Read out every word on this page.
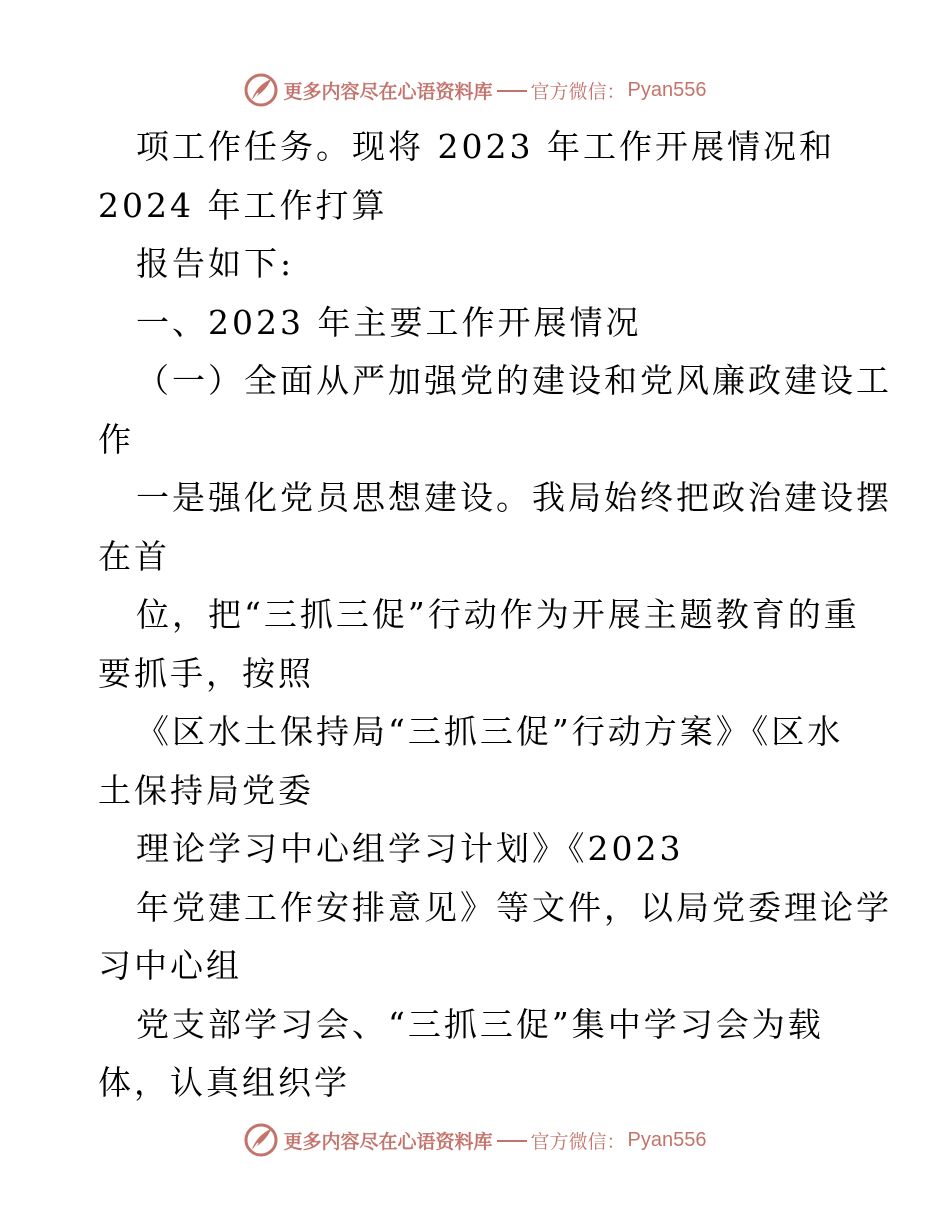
更多内容尽在心语资料库 官方微信： Pyan556
项工作任务。现将 2023 年工作开展情况和
2024 年工作打算
报告如下:
一、2023 年主要工作开展情况
（一）全面从严加强党的建设和党风廉政建设工
作
一是强化党员思想建设。我局始终把政治建设摆
在首
位，把“三抓三促”行动作为开展主题教育的重
要抓手，按照
《区水土保持局“三抓三促”行动方案》《区水
土保持局党委
理论学习中心组学习计划》《2023
年党建工作安排意见》等文件，以局党委理论学
习中心组
党支部学习会、“三抓三促”集中学习会为载
体，认真组织学
更多内容尽在心语资料库 官方微信： Pyan556
